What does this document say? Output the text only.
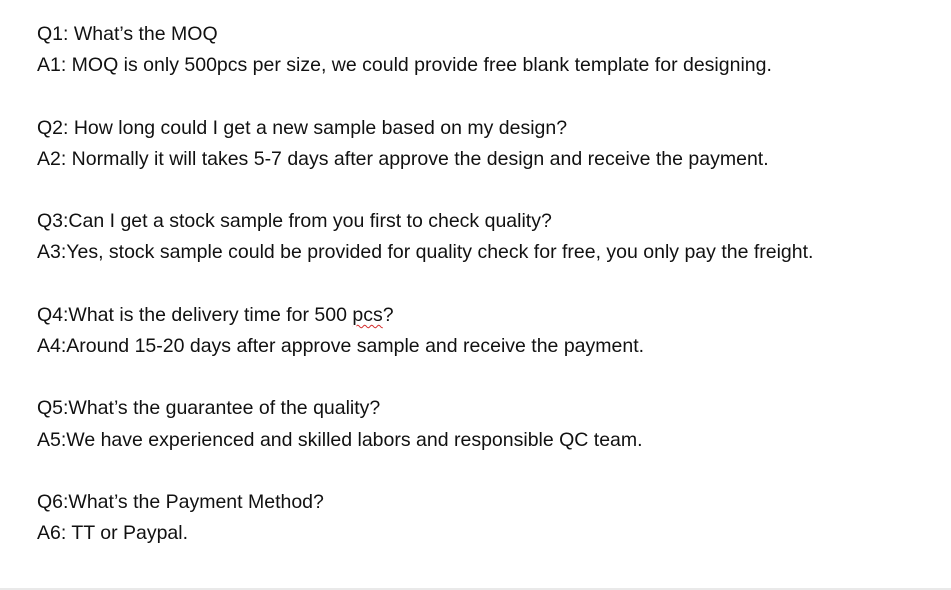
Q1: What’s the MOQ
A1: MOQ is only 500pcs per size, we could provide free blank template for designing.
Q2: How long could I get a new sample based on my design?
A2: Normally it will takes 5-7 days after approve the design and receive the payment.
Q3:Can I get a stock sample from you first to check quality?
A3:Yes, stock sample could be provided for quality check for free, you only pay the freight.
Q4:What is the delivery time for 500 pcs?
A4:Around 15-20 days after approve sample and receive the payment.
Q5:What’s the guarantee of the quality?
A5:We have experienced and skilled labors and responsible QC team.
Q6:What’s the Payment Method?
A6: TT or Paypal.
